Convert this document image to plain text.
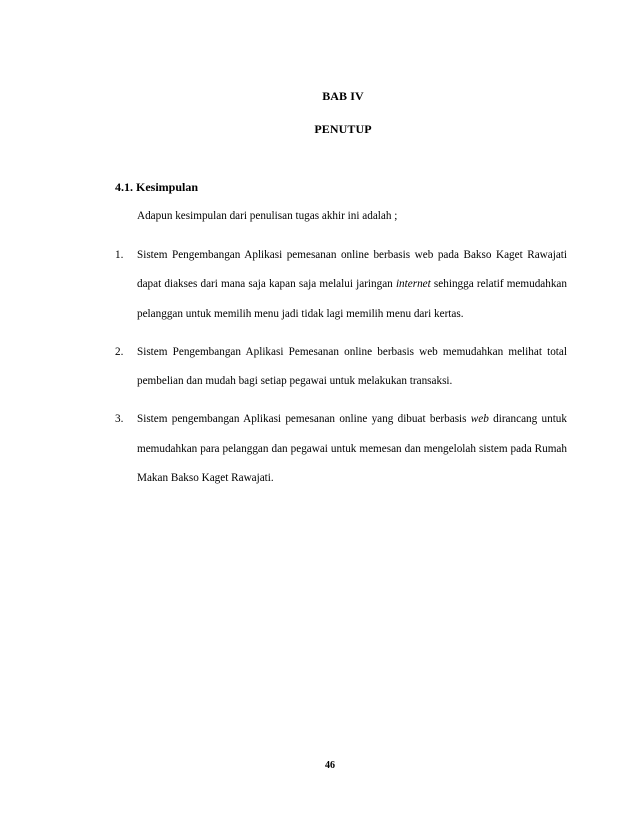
BAB IV
PENUTUP
4.1. Kesimpulan
Adapun kesimpulan dari penulisan tugas akhir ini adalah ;
1. Sistem Pengembangan Aplikasi pemesanan online berbasis web pada Bakso Kaget Rawajati dapat diakses dari mana saja kapan saja melalui jaringan internet sehingga relatif memudahkan pelanggan untuk memilih menu jadi tidak lagi memilih menu dari kertas.
2. Sistem Pengembangan Aplikasi Pemesanan online berbasis web memudahkan melihat total pembelian dan mudah bagi setiap pegawai untuk melakukan transaksi.
3. Sistem pengembangan Aplikasi pemesanan online yang dibuat berbasis web dirancang untuk memudahkan para pelanggan dan pegawai untuk memesan dan mengelolah sistem pada Rumah Makan Bakso Kaget Rawajati.
46
